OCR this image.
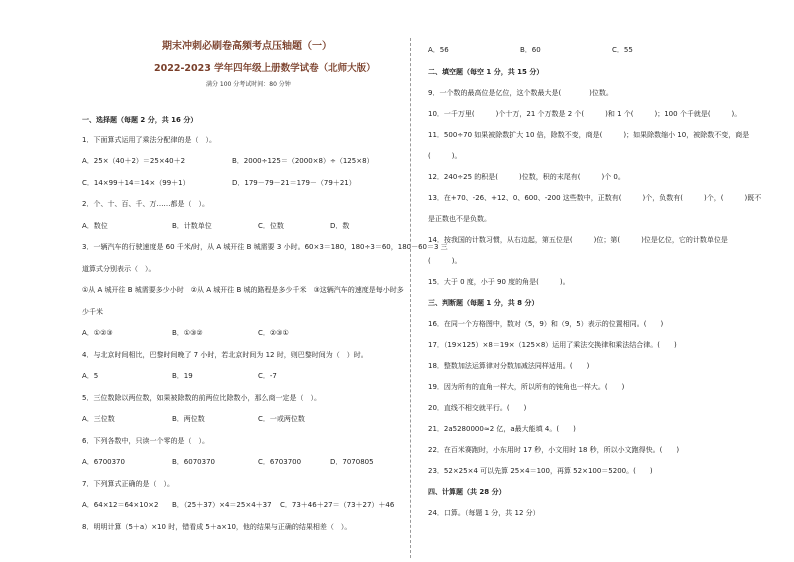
期末冲刺必刷卷高频考点压轴题（一）
2022-2023 学年四年级上册数学试卷（北师大版）
满分 100 分考试时间：80 分钟
一、选择题（每题 2 分，共 16 分）
1．下面算式运用了乘法分配律的是（　）。
A．25×（40＋2）＝25×40＋2	B．2000÷125＝（2000×8）÷（125×8）
C．14×99＋14＝14×（99＋1）	D．179－79－21＝179－（79＋21）
2．个、十、百、千、万……都是（　）。
A．数位	B．计数单位	C．位数	D．数
3．一辆汽车的行驶速度是 60 千米/时，从 A 城开往 B 城需要 3 小时。60×3＝180，180÷3＝60，180－60＝3 三
道算式分别表示（　）。
①从 A 城开往 B 城需要多少小时　②从 A 城开往 B 城的路程是多少千米　③这辆汽车的速度是每小时多
少千米
A．①②③	B．①③②	C．②③①
4．与北京时间相比，巴黎时间晚了 7 小时，若北京时间为 12 时，则巴黎时间为（　）时。
A．5	B．19	C．-7
5．三位数除以两位数，如果被除数的前两位比除数小，那么商一定是（　）。
A．三位数	B．两位数	C．一或两位数
6．下列各数中，只读一个零的是（　）。
A．6700370	B．6070370	C．6703700	D．7070805
7．下列算式正确的是（　）。
A．64×12＝64×10×2 B．（25＋37）×4＝25×4＋37 C．73＋46＋27＝（73＋27）＋46
8．明明计算（5＋a）×10 时，错看成 5＋a×10，他的结果与正确的结果相差（　）。
A．56	B．60	C．55
二、填空题（每空 1 分，共 15 分）
9．一个数的最高位是亿位，这个数最大是(　　　　)位数。
10．一千万里(　　　)个十万，21 个万数是 2 个(　　　)和 1 个(　　　)；100 个千就是(　　　)。
11．500÷70 如果被除数扩大 10 倍，除数不变，商是(　　　)；如果除数缩小 10，被除数不变，商是
(　　　)。
12．240÷25 的积是(　　　)位数，积的末尾有(　　　)个 0。
13．在+70、-26、+12、0、600、-200 这些数中，正数有(　　　)个，负数有(　　　)个，(　　　)既不
是正数也不是负数。
14．按我国的计数习惯，从右边起，第五位是(　　　)位；第(　　　)位是亿位，它的计数单位是
(　　　)。
15．大于 0 度，小于 90 度的角是(　　　)。
三、判断题（每题 1 分，共 8 分）
16．在同一个方格图中，数对（5，9）和（9，5）表示的位置相同。(　　)
17．（19×125）×8＝19×（125×8）运用了乘法交换律和乘法结合律。(　　)
18．整数加法运算律对分数加减法同样适用。(　　)
19．因为所有的直角一样大，所以所有的钝角也一样大。(　　)
20．直线不相交就平行。(　　)
21．2a5280000≈2 亿，a最大能填 4。(　　)
22．在百米赛跑时，小东用时 17 秒，小文用时 18 秒，所以小文跑得快。(　　)
23．52×25×4 可以先算 25×4＝100，再算 52×100＝5200。(　　)
四、计算题（共 28 分）
24．口算。（每题 1 分，共 12 分）
